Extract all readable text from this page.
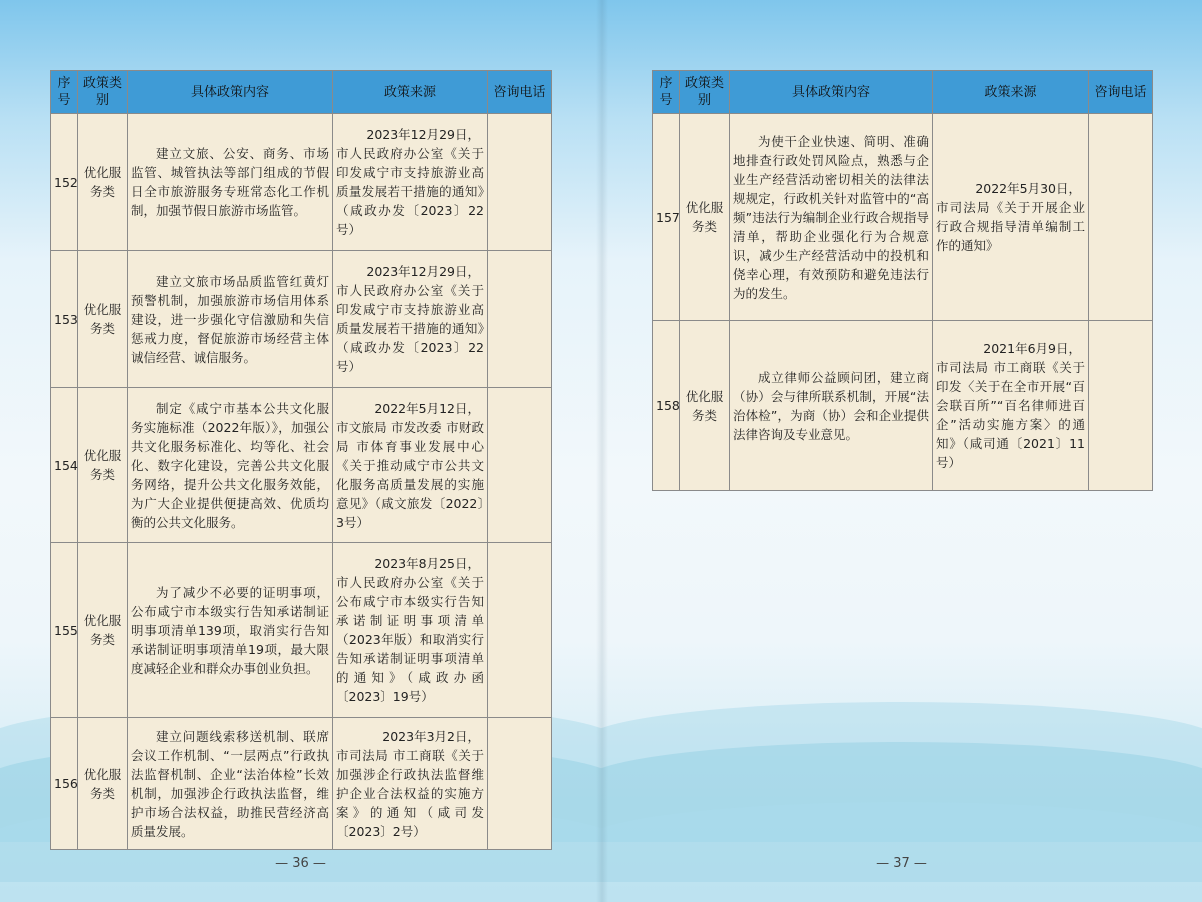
序号	政策类别	具体政策内容	政策来源	咨询电话
152	优化服务类	建立文旅、公安、商务、市场监管、城管执法等部门组成的节假日全市旅游服务专班常态化工作机制，加强节假日旅游市场监管。	2023年12月29日，
市人民政府办公室《关于印发咸宁市支持旅游业高质量发展若干措施的通知》（咸政办发〔2023〕22号）	
153	优化服务类	建立文旅市场品质监管红黄灯预警机制，加强旅游市场信用体系建设，进一步强化守信激励和失信惩戒力度，督促旅游市场经营主体诚信经营、诚信服务。	2023年12月29日，
市人民政府办公室《关于印发咸宁市支持旅游业高质量发展若干措施的通知》（咸政办发〔2023〕22号）	
154	优化服务类	制定《咸宁市基本公共文化服务实施标准（2022年版）》，加强公共文化服务标准化、均等化、社会化、数字化建设，完善公共文化服务网络，提升公共文化服务效能，为广大企业提供便捷高效、优质均衡的公共文化服务。	2022年5月12日，
市文旅局 市发改委 市财政局 市体育事业发展中心《关于推动咸宁市公共文化服务高质量发展的实施意见》（咸文旅发〔2022〕3号）	
155	优化服务类	为了减少不必要的证明事项，公布咸宁市本级实行告知承诺制证明事项清单139项，取消实行告知承诺制证明事项清单19项，最大限度减轻企业和群众办事创业负担。	2023年8月25日，
市人民政府办公室《关于公布咸宁市本级实行告知承诺制证明事项清单（2023年版）和取消实行告知承诺制证明事项清单的通知》（咸政办函〔2023〕19号）	
156	优化服务类	建立问题线索移送机制、联席会议工作机制、“一层两点”行政执法监督机制、企业“法治体检”长效机制，加强涉企行政执法监督，维护市场合法权益，助推民营经济高质量发展。	2023年3月2日，
市司法局 市工商联《关于加强涉企行政执法监督维护企业合法权益的实施方案》的通知（咸司发〔2023〕2号）	
— 36 —
序号	政策类别	具体政策内容	政策来源	咨询电话
157	优化服务类	为使干企业快速、简明、准确地排查行政处罚风险点，熟悉与企业生产经营活动密切相关的法律法规规定，行政机关针对监管中的“高频”违法行为编制企业行政合规指导清单，帮助企业强化行为合规意识，减少生产经营活动中的投机和侥幸心理，有效预防和避免违法行为的发生。	2022年5月30日，
市司法局《关于开展企业行政合规指导清单编制工作的通知》	
158	优化服务类	成立律师公益顾问团，建立商（协）会与律所联系机制，开展“法治体检”，为商（协）会和企业提供法律咨询及专业意见。	2021年6月9日，
市司法局 市工商联《关于印发〈关于在全市开展“百会联百所”“百名律师进百企”活动实施方案〉的通知》（咸司通〔2021〕11号）	
— 37 —
